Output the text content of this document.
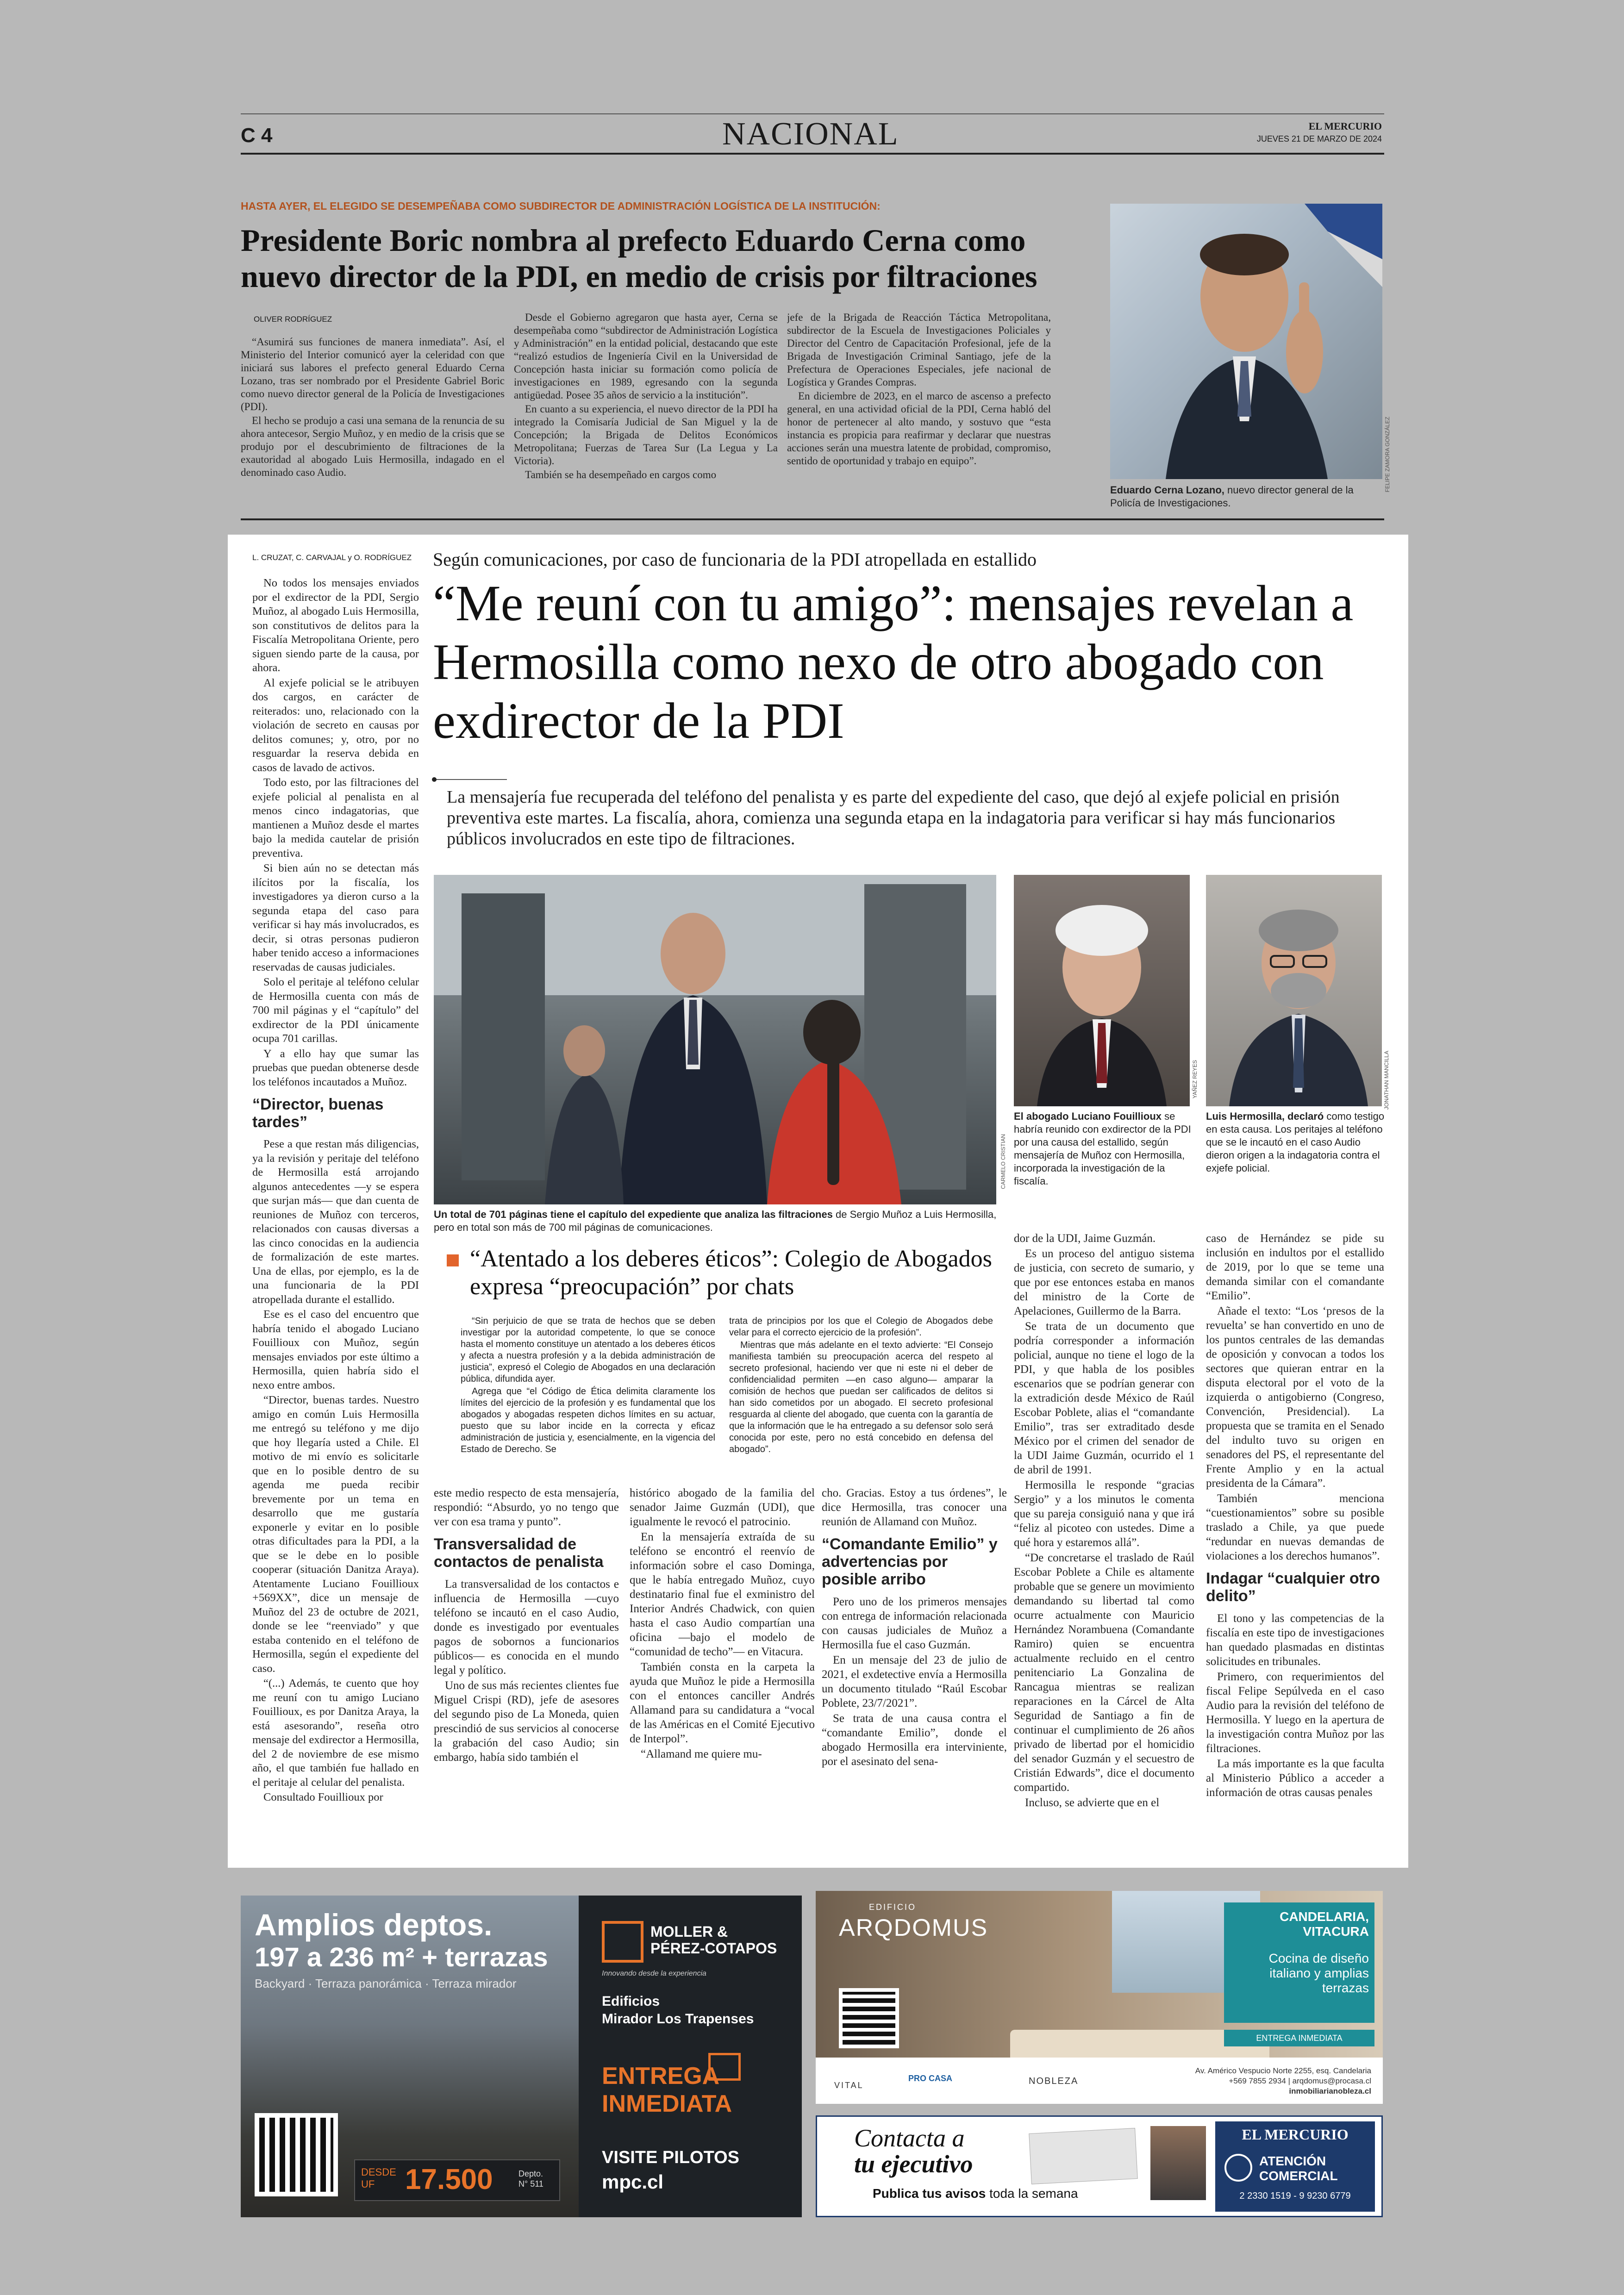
C 4	NACIONAL	EL MERCURIO
JUEVES 21 DE MARZO DE 2024
HASTA AYER, EL ELEGIDO SE DESEMPEÑABA COMO SUBDIRECTOR DE ADMINISTRACIÓN LOGÍSTICA DE LA INSTITUCIÓN:
Presidente Boric nombra al prefecto Eduardo Cerna como nuevo director de la PDI, en medio de crisis por filtraciones
OLIVER RODRÍGUEZ

“Asumirá sus funciones de manera inmediata”. Así, el Ministerio del Interior comunicó ayer la celeridad con que iniciará sus labores el prefecto general Eduardo Cerna Lozano, tras ser nombrado por el Presidente Gabriel Boric como nuevo director general de la Policía de Investigaciones (PDI).

El hecho se produjo a casi una semana de la renuncia de su ahora antecesor, Sergio Muñoz, y en medio de la crisis que se produjo por el descubrimiento de filtraciones de la exautoridad al abogado Luis Hermosilla, indagado en el denominado caso Audio.

Desde el Gobierno agregaron que hasta ayer, Cerna se desempeñaba como “subdirector de Administración Logística y Administración” en la entidad policial, destacando que este “realizó estudios de Ingeniería Civil en la Universidad de Concepción hasta iniciar su formación como policía de investigaciones en 1989, egresando con la segunda antigüedad. Posee 35 años de servicio a la institución”.

En cuanto a su experiencia, el nuevo director de la PDI ha integrado la Comisaría Judicial de San Miguel y la de Concepción; la Brigada de Delitos Económicos Metropolitana; Fuerzas de Tarea Sur (La Legua y La Victoria).

También se ha desempeñado en cargos como

jefe de la Brigada de Reacción Táctica Metropolitana, subdirector de la Escuela de Investigaciones Policiales y Director del Centro de Capacitación Profesional, jefe de la Brigada de Investigación Criminal Santiago, jefe de la Prefectura de Operaciones Especiales, jefe nacional de Logística y Grandes Compras.

En diciembre de 2023, en el marco de ascenso a prefecto general, en una actividad oficial de la PDI, Cerna habló del honor de pertenecer al alto mando, y sostuvo que “esta instancia es propicia para reafirmar y declarar que nuestras acciones serán una muestra latente de probidad, compromiso, sentido de oportunidad y trabajo en equipo”.	FELIPE ZAMORA GONZÁLEZ
Eduardo Cerna Lozano, nuevo director general de la Policía de Investigaciones.
L. CRUZAT, C. CARVAJAL y O. RODRÍGUEZ Según comunicaciones, por caso de funcionaria de la PDI atropellada en estallido
“Me reuní con tu amigo”: mensajes revelan a Hermosilla como nexo de otro abogado con exdirector de la PDI
La mensajería fue recuperada del teléfono del penalista y es parte del expediente del caso, que dejó al exjefe policial en prisión preventiva este martes. La fiscalía, ahora, comienza una segunda etapa en la indagatoria para verificar si hay más funcionarios públicos involucrados en este tipo de filtraciones.

No todos los mensajes enviados por el exdirector de la PDI, Sergio Muñoz, al abogado Luis Hermosilla, son constitutivos de delitos para la Fiscalía Metropolitana Oriente, pero siguen siendo parte de la causa, por ahora.

Al exjefe policial se le atribuyen dos cargos, en carácter de reiterados: uno, relacionado con la violación de secreto en causas por delitos comunes; y, otro, por no resguardar la reserva debida en casos de lavado de activos.

Todo esto, por las filtraciones del exjefe policial al penalista en al menos cinco indagatorias, que mantienen a Muñoz desde el martes bajo la medida cautelar de prisión preventiva.

Si bien aún no se detectan más ilícitos por la fiscalía, los investigadores ya dieron curso a la segunda etapa del caso para verificar si hay más involucrados, es decir, si otras personas pudieron haber tenido acceso a informaciones reservadas de causas judiciales.

Solo el peritaje al teléfono celular de Hermosilla cuenta con más de 700 mil páginas y el “capítulo” del exdirector de la PDI únicamente ocupa 701 carillas.

Y a ello hay que sumar las pruebas que puedan obtenerse desde los teléfonos incautados a Muñoz.

“Director, buenas tardes”

Pese a que restan más diligencias, ya la revisión y peritaje del teléfono de Hermosilla está arrojando algunos antecedentes —y se espera que surjan más— que dan cuenta de reuniones de Muñoz con terceros, relacionados con causas diversas a las cinco conocidas en la audiencia de formalización de este martes. Una de ellas, por ejemplo, es la de una funcionaria de la PDI atropellada durante el estallido.

Ese es el caso del encuentro que habría tenido el abogado Luciano Fouillioux con Muñoz, según mensajes enviados por este último a Hermosilla, quien habría sido el nexo entre ambos.

“Director, buenas tardes. Nuestro amigo en común Luis Hermosilla me entregó su teléfono y me dijo que hoy llegaría usted a Chile. El motivo de mi envío es solicitarle que en lo posible dentro de su agenda me pueda recibir brevemente por un tema en desarrollo que me gustaría exponerle y evitar en lo posible otras dificultades para la PDI, a la que se le debe en lo posible cooperar (situación Danitza Araya). Atentamente Luciano Fouillioux +569XX”, dice un mensaje de Muñoz del 23 de octubre de 2021, donde se lee “reenviado” y que estaba contenido en el teléfono de Hermosilla, según el expediente del caso.

“(...) Además, te cuento que hoy me reuní con tu amigo Luciano Fouillioux, es por Danitza Araya, la está asesorando”, reseña otro mensaje del exdirector a Hermosilla, del 2 de noviembre de ese mismo año, el que también fue hallado en el peritaje al celular del penalista.

Consultado Fouillioux por

CARMELO CRISTIAN
Un total de 701 páginas tiene el capítulo del expediente que analiza las filtraciones de Sergio Muñoz a Luis Hermosilla, pero en total son más de 700 mil páginas de comunicaciones.
YAÑEZ REYES
El abogado Luciano Fouillioux se habría reunido con exdirector de la PDI por una causa del estallido, según mensajería de Muñoz con Hermosilla, incorporada la investigación de la fiscalía.
JONATHAN MANCILLA
Luis Hermosilla, declaró como testigo en esta causa. Los peritajes al teléfono que se le incautó en el caso Audio dieron origen a la indagatoria contra el exjefe policial.
“Atentado a los deberes éticos”: Colegio de Abogados expresa “preocupación” por chats

“Sin perjuicio de que se trata de hechos que se deben investigar por la autoridad competente, lo que se conoce hasta el momento constituye un atentado a los deberes éticos y afecta a nuestra profesión y a la debida administración de justicia”, expresó el Colegio de Abogados en una declaración pública, difundida ayer.

Agrega que “el Código de Ética delimita claramente los límites del ejercicio de la profesión y es fundamental que los abogados y abogadas respeten dichos límites en su actuar, puesto que su labor incide en la correcta y eficaz administración de justicia y, esencialmente, en la vigencia del Estado de Derecho. Se

trata de principios por los que el Colegio de Abogados debe velar para el correcto ejercicio de la profesión”.

Mientras que más adelante en el texto advierte: “El Consejo manifiesta también su preocupación acerca del respeto al secreto profesional, haciendo ver que ni este ni el deber de confidencialidad permiten —en caso alguno— amparar la comisión de hechos que puedan ser calificados de delitos si han sido cometidos por un abogado. El secreto profesional resguarda al cliente del abogado, que cuenta con la garantía de que la información que le ha entregado a su defensor solo será conocida por este, pero no está concebido en defensa del abogado”.

este medio respecto de esta mensajería, respondió: “Absurdo, yo no tengo que ver con esa trama y punto”.

Transversalidad de contactos de penalista

La transversalidad de los contactos e influencia de Hermosilla —cuyo teléfono se incautó en el caso Audio, donde es investigado por eventuales pagos de sobornos a funcionarios públicos— es conocida en el mundo legal y político.

Uno de sus más recientes clientes fue Miguel Crispi (RD), jefe de asesores del segundo piso de La Moneda, quien prescindió de sus servicios al conocerse la grabación del caso Audio; sin embargo, había sido también el

histórico abogado de la familia del senador Jaime Guzmán (UDI), que igualmente le revocó el patrocinio.

En la mensajería extraída de su teléfono se encontró el reenvío de información sobre el caso Dominga, que le había entregado Muñoz, cuyo destinatario final fue el exministro del Interior Andrés Chadwick, con quien hasta el caso Audio compartían una oficina —bajo el modelo de “comunidad de techo”— en Vitacura.

También consta en la carpeta la ayuda que Muñoz le pide a Hermosilla con el entonces canciller Andrés Allamand para su candidatura a “vocal de las Américas en el Comité Ejecutivo de Interpol”.

“Allamand me quiere mu-

cho. Gracias. Estoy a tus órdenes”, le dice Hermosilla, tras conocer una reunión de Allamand con Muñoz.

“Comandante Emilio” y advertencias por posible arribo

Pero uno de los primeros mensajes con entrega de información relacionada con causas judiciales de Muñoz a Hermosilla fue el caso Guzmán.

En un mensaje del 23 de julio de 2021, el exdetective envía a Hermosilla un documento titulado “Raúl Escobar Poblete, 23/7/2021”.

Se trata de una causa contra el “comandante Emilio”, donde el abogado Hermosilla era interviniente, por el asesinato del sena-

dor de la UDI, Jaime Guzmán.

Es un proceso del antiguo sistema de justicia, con secreto de sumario, y que por ese entonces estaba en manos del ministro de la Corte de Apelaciones, Guillermo de la Barra.

Se trata de un documento que podría corresponder a información policial, aunque no tiene el logo de la PDI, y que habla de los posibles escenarios que se podrían generar con la extradición desde México de Raúl Escobar Poblete, alias el “comandante Emilio”, tras ser extraditado desde México por el crimen del senador de la UDI Jaime Guzmán, ocurrido el 1 de abril de 1991.

Hermosilla le responde “gracias Sergio” y a los minutos le comenta que su pareja consiguió nana y que irá “feliz al picoteo con ustedes. Dime a qué hora y estaremos allá”.

“De concretarse el traslado de Raúl Escobar Poblete a Chile es altamente probable que se genere un movimiento demandando su libertad tal como ocurre actualmente con Mauricio Hernández Norambuena (Comandante Ramiro) quien se encuentra actualmente recluido en el centro penitenciario La Gonzalina de Rancagua mientras se realizan reparaciones en la Cárcel de Alta Seguridad de Santiago a fin de continuar el cumplimiento de 26 años privado de libertad por el homicidio del senador Guzmán y el secuestro de Cristián Edwards”, dice el documento compartido.

Incluso, se advierte que en el

caso de Hernández se pide su inclusión en indultos por el estallido de 2019, por lo que se teme una demanda similar con el comandante “Emilio”.

Añade el texto: “Los ‘presos de la revuelta’ se han convertido en uno de los puntos centrales de las demandas de oposición y convocan a todos los sectores que quieran entrar en la disputa electoral por el voto de la izquierda o antigobierno (Congreso, Convención, Presidencial). La propuesta que se tramita en el Senado del indulto tuvo su origen en senadores del PS, el representante del Frente Amplio y en la actual presidenta de la Cámara”.

También menciona “cuestionamientos” sobre su posible traslado a Chile, ya que puede “redundar en nuevas demandas de violaciones a los derechos humanos”.

Indagar “cualquier otro delito”

El tono y las competencias de la fiscalía en este tipo de investigaciones han quedado plasmadas en distintas solicitudes en tribunales.

Primero, con requerimientos del fiscal Felipe Sepúlveda en el caso Audio para la revisión del teléfono de Hermosilla. Y luego en la apertura de la investigación contra Muñoz por las filtraciones.

La más importante es la que faculta al Ministerio Público a acceder a información de otras causas penales

Amplios deptos.
197 a 236 m² + terrazas
Backyard · Terraza panorámica · Terraza mirador
DESDE
UF	17.500	Depto.
N° 511
MOLLER &
PÉREZ-COTAPOS
Innovando desde la experiencia
Edificios
Mirador Los Trapenses
ENTREGA
INMEDIATA
VISITE PILOTOS
mpc.cl
EDIFICIO
ARQDOMUS	CANDELARIA,
VITACURA
Cocina de diseño italiano y amplias terrazas
ENTREGA INMEDIATA
VITAL
PRO CASA	NOBLEZA
Av. Américo Vespucio Norte 2255, esq. Candelaria
+569 7855 2934 | arqdomus@procasa.cl
inmobiliarianobleza.cl
Contacta a
tu ejecutivo
Publica tus avisos toda la semana
EL MERCURIO
ATENCIÓN
COMERCIAL
2 2330 1519 - 9 9230 6779
